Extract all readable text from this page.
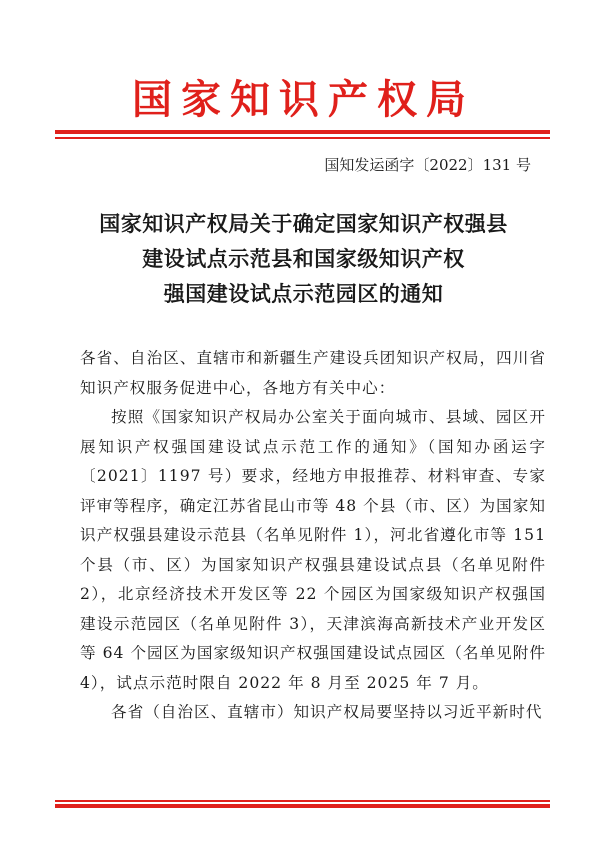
国家知识产权局
国知发运函字〔2022〕131 号
国家知识产权局关于确定国家知识产权强县
建设试点示范县和国家级知识产权
强国建设试点示范园区的通知

各省、自治区、直辖市和新疆生产建设兵团知识产权局，四川省知识产权服务促进中心，各地方有关中心：

按照《国家知识产权局办公室关于面向城市、县域、园区开展知识产权强国建设试点示范工作的通知》（国知办函运字〔2021〕1197 号）要求，经地方申报推荐、材料审查、专家评审等程序，确定江苏省昆山市等 48 个县（市、区）为国家知识产权强县建设示范县（名单见附件 1），河北省遵化市等 151 个县（市、区）为国家知识产权强县建设试点县（名单见附件 2），北京经济技术开发区等 22 个园区为国家级知识产权强国建设示范园区（名单见附件 3），天津滨海高新技术产业开发区等 64 个园区为国家级知识产权强国建设试点园区（名单见附件 4），试点示范时限自 2022 年 8 月至 2025 年 7 月。

各省（自治区、直辖市）知识产权局要坚持以习近平新时代
